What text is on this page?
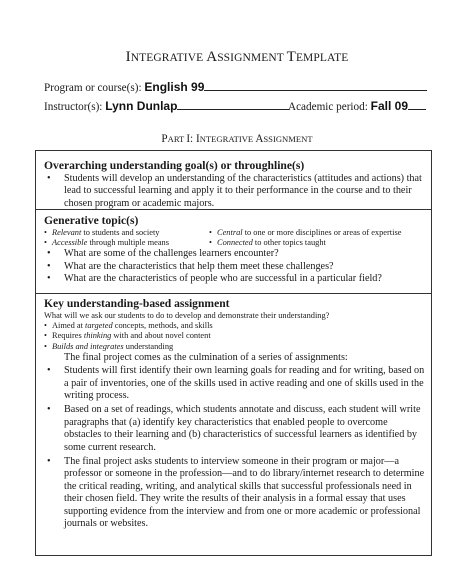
INTEGRATIVE ASSIGNMENT TEMPLATE
Program or course(s): English 99
Instructor(s): Lynn Dunlap	Academic period: Fall 09
PART I: INTEGRATIVE ASSIGNMENT
Overarching understanding goal(s) or throughline(s)
• Students will develop an understanding of the characteristics (attitudes and actions) that lead to successful learning and apply it to their performance in the course and to their chosen program or academic majors.
Generative topic(s)
• Relevant to students and society
• Accessible through multiple means
• Central to one or more disciplines or areas of expertise
• Connected to other topics taught
• What are some of the challenges learners encounter?
• What are the characteristics that help them meet these challenges?
• What are the characteristics of people who are successful in a particular field?
Key understanding-based assignment
What will we ask our students to do to develop and demonstrate their understanding?
• Aimed at targeted concepts, methods, and skills
• Requires thinking with and about novel content
• Builds and integrates understanding
The final project comes as the culmination of a series of assignments:
• Students will first identify their own learning goals for reading and for writing, based on a pair of inventories, one of the skills used in active reading and one of skills used in the writing process.
• Based on a set of readings, which students annotate and discuss, each student will write paragraphs that (a) identify key characteristics that enabled people to overcome obstacles to their learning and (b) characteristics of successful learners as identified by some current research.
• The final project asks students to interview someone in their program or major—a professor or someone in the profession—and to do library/internet research to determine the critical reading, writing, and analytical skills that successful professionals need in their chosen field. They write the results of their analysis in a formal essay that uses supporting evidence from the interview and from one or more academic or professional journals or websites.
